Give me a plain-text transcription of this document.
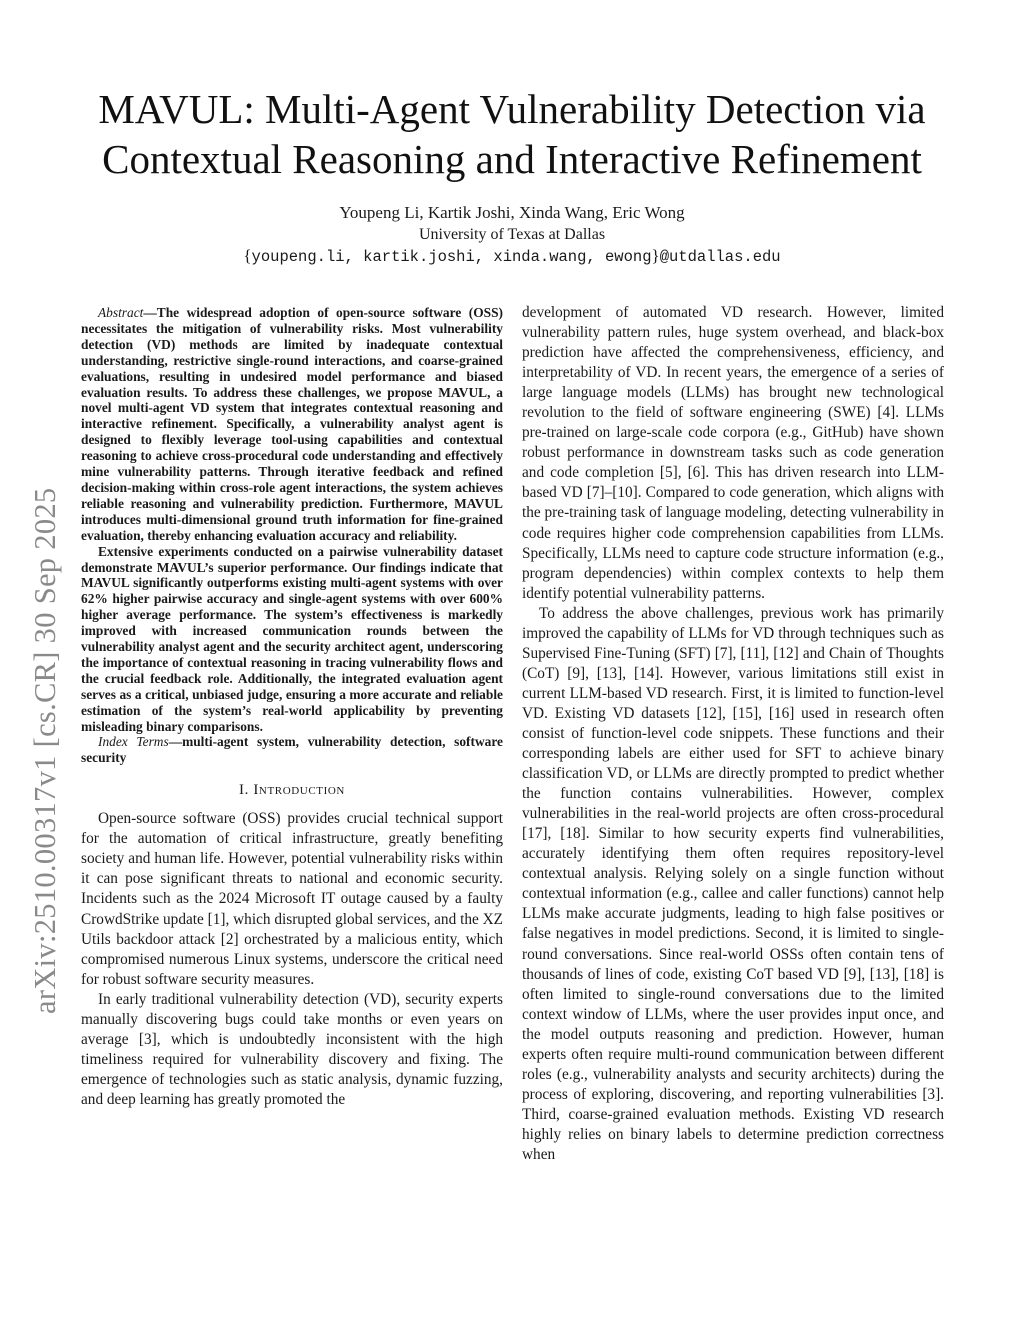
arXiv:2510.00317v1 [cs.CR] 30 Sep 2025
MAVUL: Multi-Agent Vulnerability Detection via
Contextual Reasoning and Interactive Refinement
Youpeng Li, Kartik Joshi, Xinda Wang, Eric Wong
University of Texas at Dallas
{youpeng.li, kartik.joshi, xinda.wang, ewong}@utdallas.edu

Abstract—The widespread adoption of open-source software (OSS) necessitates the mitigation of vulnerability risks. Most vulnerability detection (VD) methods are limited by inadequate contextual understanding, restrictive single-round interactions, and coarse-grained evaluations, resulting in undesired model performance and biased evaluation results. To address these challenges, we propose MAVUL, a novel multi-agent VD system that integrates contextual reasoning and interactive refinement. Specifically, a vulnerability analyst agent is designed to flexibly leverage tool-using capabilities and contextual reasoning to achieve cross-procedural code understanding and effectively mine vulnerability patterns. Through iterative feedback and refined decision-making within cross-role agent interactions, the system achieves reliable reasoning and vulnerability prediction. Furthermore, MAVUL introduces multi-dimensional ground truth information for fine-grained evaluation, thereby enhancing evaluation accuracy and reliability.

Extensive experiments conducted on a pairwise vulnerability dataset demonstrate MAVUL’s superior performance. Our findings indicate that MAVUL significantly outperforms existing multi-agent systems with over 62% higher pairwise accuracy and single-agent systems with over 600% higher average performance. The system’s effectiveness is markedly improved with increased communication rounds between the vulnerability analyst agent and the security architect agent, underscoring the importance of contextual reasoning in tracing vulnerability flows and the crucial feedback role. Additionally, the integrated evaluation agent serves as a critical, unbiased judge, ensuring a more accurate and reliable estimation of the system’s real-world applicability by preventing misleading binary comparisons.

Index Terms—multi-agent system, vulnerability detection, software security

I. Introduction

Open-source software (OSS) provides crucial technical support for the automation of critical infrastructure, greatly benefiting society and human life. However, potential vulnerability risks within it can pose significant threats to national and economic security. Incidents such as the 2024 Microsoft IT outage caused by a faulty CrowdStrike update [1], which disrupted global services, and the XZ Utils backdoor attack [2] orchestrated by a malicious entity, which compromised numerous Linux systems, underscore the critical need for robust software security measures.

In early traditional vulnerability detection (VD), security experts manually discovering bugs could take months or even years on average [3], which is undoubtedly inconsistent with the high timeliness required for vulnerability discovery and fixing. The emergence of technologies such as static analysis, dynamic fuzzing, and deep learning has greatly promoted the

development of automated VD research. However, limited vulnerability pattern rules, huge system overhead, and black-box prediction have affected the comprehensiveness, efficiency, and interpretability of VD. In recent years, the emergence of a series of large language models (LLMs) has brought new technological revolution to the field of software engineering (SWE) [4]. LLMs pre-trained on large-scale code corpora (e.g., GitHub) have shown robust performance in downstream tasks such as code generation and code completion [5], [6]. This has driven research into LLM-based VD [7]–[10]. Compared to code generation, which aligns with the pre-training task of language modeling, detecting vulnerability in code requires higher code comprehension capabilities from LLMs. Specifically, LLMs need to capture code structure information (e.g., program dependencies) within complex contexts to help them identify potential vulnerability patterns.

To address the above challenges, previous work has primarily improved the capability of LLMs for VD through techniques such as Supervised Fine-Tuning (SFT) [7], [11], [12] and Chain of Thoughts (CoT) [9], [13], [14]. However, various limitations still exist in current LLM-based VD research. First, it is limited to function-level VD. Existing VD datasets [12], [15], [16] used in research often consist of function-level code snippets. These functions and their corresponding labels are either used for SFT to achieve binary classification VD, or LLMs are directly prompted to predict whether the function contains vulnerabilities. However, complex vulnerabilities in the real-world projects are often cross-procedural [17], [18]. Similar to how security experts find vulnerabilities, accurately identifying them often requires repository-level contextual analysis. Relying solely on a single function without contextual information (e.g., callee and caller functions) cannot help LLMs make accurate judgments, leading to high false positives or false negatives in model predictions. Second, it is limited to single-round conversations. Since real-world OSSs often contain tens of thousands of lines of code, existing CoT based VD [9], [13], [18] is often limited to single-round conversations due to the limited context window of LLMs, where the user provides input once, and the model outputs reasoning and prediction. However, human experts often require multi-round communication between different roles (e.g., vulnerability analysts and security architects) during the process of exploring, discovering, and reporting vulnerabilities [3]. Third, coarse-grained evaluation methods. Existing VD research highly relies on binary labels to determine prediction correctness when
